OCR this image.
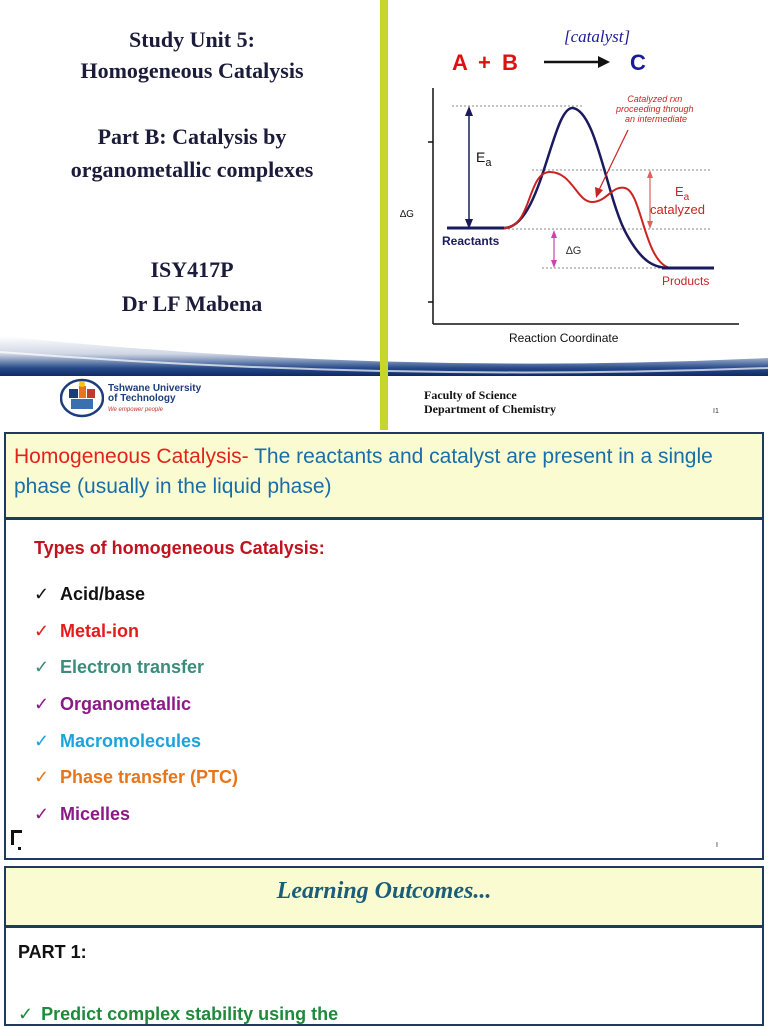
Study Unit 5:
Homogeneous Catalysis
Part B: Catalysis by
organometallic complexes
ISY417P
Dr LF Mabena
Tshwane University
of Technology
We empower people
Faculty of Science
Department of Chemistry	I1
[catalyst]
A + B	C
$E_a$
$E_a$
catalyzed
∆G
Catalyzed rxn proceeding through an intermediate
∆G
Reactants
Products
Reaction Coordinate
Homogeneous Catalysis- The reactants and catalyst are present in a single phase (usually in the liquid phase)
Types of homogeneous Catalysis:
✓ Acid/base
✓ Metal-ion
✓ Electron transfer
✓ Organometallic
✓ Macromolecules
✓ Phase transfer (PTC)
✓ Micelles
I
Learning Outcomes...
PART 1:
✓ Predict complex stability using the
